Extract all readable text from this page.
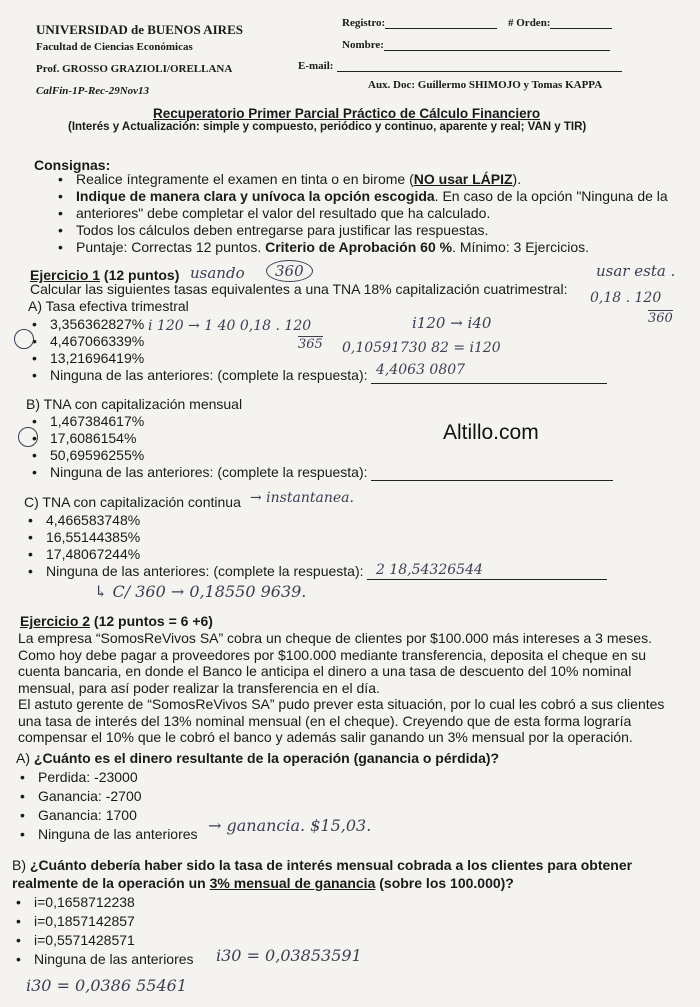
UNIVERSIDAD de BUENOS AIRES
Facultad de Ciencias Económicas
Prof. GROSSO GRAZIOLI/ORELLANA
CalFin-1P-Rec-29Nov13
Registro:	# Orden:
Nombre:
E-mail:
Aux. Doc: Guillermo SHIMOJO y Tomas KAPPA
Recuperatorio Primer Parcial Práctico de Cálculo Financiero
(Interés y Actualización: simple y compuesto, periódico y continuo, aparente y real; VAN y TIR)
Consignas:
• Realice íntegramente el examen en tinta o en birome (NO usar LÁPIZ).
• Indique de manera clara y unívoca la opción escogida. En caso de la opción "Ninguna de la
• anteriores" debe completar el valor del resultado que ha calculado.
• Todos los cálculos deben entregarse para justificar las respuestas.
• Puntaje: Correctas 12 puntos. Criterio de Aprobación 60 %. Mínimo: 3 Ejercicios.
Ejercicio 1 (12 puntos) usando	360	usar esta .
Calcular las siguientes tasas equivalentes a una TNA 18% capitalización cuatrimestral:
0,18 . 120
360
A) Tasa efectiva trimestral
• 3,356362827%
• 4,467066339%
• 13,21696419%
• Ninguna de las anteriores: (complete la respuesta):
i 120 → 1 40 0,18 . 120
365
i120 → i40
0,10591730 82 = i120
4,4063 0807
B) TNA con capitalización mensual
• 1,467384617%
• 17,6086154%
• 50,69596255%
• Ninguna de las anteriores: (complete la respuesta):
Altillo.com
C) TNA con capitalización continua → instantanea.
• 4,466583748%
• 16,55144385%
• 17,48067244%
• Ninguna de las anteriores: (complete la respuesta): 2 18,54326544
↳ C/ 360 → 0,18550 9639.
Ejercicio 2 (12 puntos = 6 +6)
La empresa “SomosReVivos SA” cobra un cheque de clientes por $100.000 más intereses a 3 meses.
Como hoy debe pagar a proveedores por $100.000 mediante transferencia, deposita el cheque en su
cuenta bancaria, en donde el Banco le anticipa el dinero a una tasa de descuento del 10% nominal
mensual, para así poder realizar la transferencia en el día.
El astuto gerente de “SomosReVivos SA” pudo prever esta situación, por lo cual les cobró a sus clientes
una tasa de interés del 13% nominal mensual (en el cheque). Creyendo que de esta forma lograría
compensar el 10% que le cobró el banco y además salir ganando un 3% mensual por la operación.
A) ¿Cuánto es el dinero resultante de la operación (ganancia o pérdida)?
• Perdida: -23000
• Ganancia: -2700
• Ganancia: 1700
• Ninguna de las anteriores → ganancia. $15,03.
B) ¿Cuánto debería haber sido la tasa de interés mensual cobrada a los clientes para obtener
realmente de la operación un 3% mensual de ganancia (sobre los 100.000)?
• i=0,1658712238
• i=0,1857142857
• i=0,5571428571
• Ninguna de las anteriores i30 = 0,03853591
i30 = 0,0386 55461
